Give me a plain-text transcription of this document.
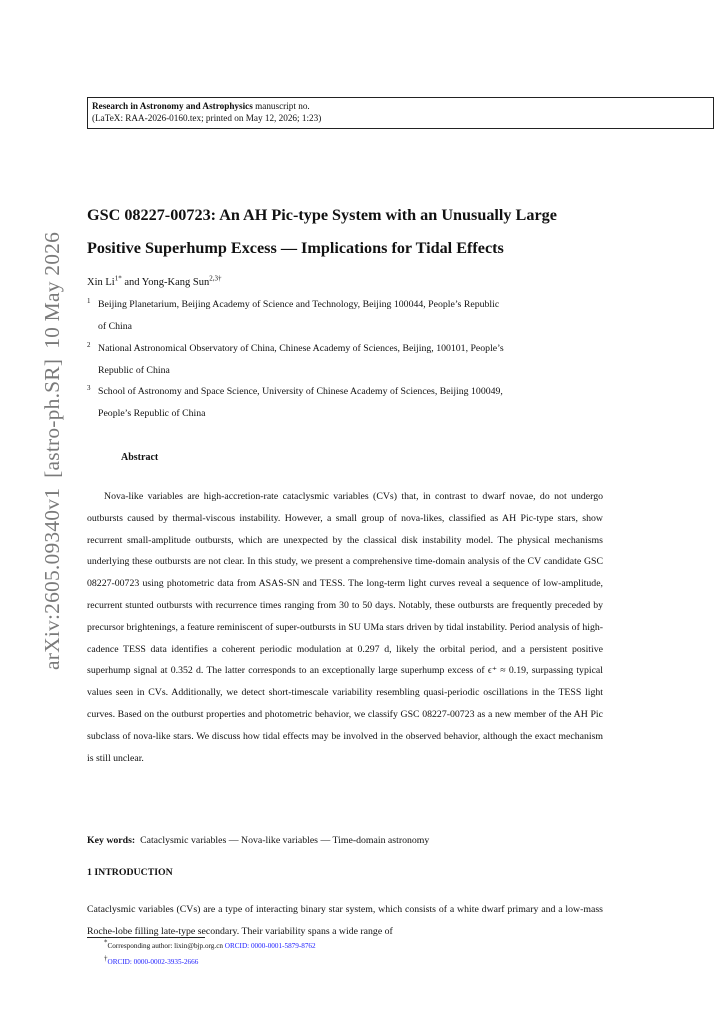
Research in Astronomy and Astrophysics manuscript no.
(LaTeX: RAA-2026-0160.tex; printed on May 12, 2026; 1:23)
arXiv:2605.09340v1[astro-ph.SR]10 May 2026
GSC 08227-00723: An AH Pic-type System with an Unusually Large
Positive Superhump Excess — Implications for Tidal Effects
Xin $Li^{1*}$ and Yong-Kang Sun$^{2,3\dagger}$
1 Beijing Planetarium, Beijing Academy of Science and Technology, Beijing 100044, People’s Republic
of China
2 National Astronomical Observatory of China, Chinese Academy of Sciences, Beijing, 100101, People’s
Republic of China
3 School of Astronomy and Space Science, University of Chinese Academy of Sciences, Beijing 100049,
People’s Republic of China
Abstract

Nova-like variables are high-accretion-rate cataclysmic variables (CVs) that, in contrast to dwarf novae, do not undergo outbursts caused by thermal-viscous instability. However, a small group of nova-likes, classified as AH Pic-type stars, show recurrent small-amplitude outbursts, which are unexpected by the classical disk instability model. The physical mechanisms underlying these outbursts are not clear. In this study, we present a comprehensive time-domain analysis of the CV candidate GSC 08227-00723 using photometric data from ASAS-SN and TESS. The long-term light curves reveal a sequence of low-amplitude, recurrent stunted outbursts with recurrence times ranging from 30 to 50 days. Notably, these outbursts are frequently preceded by precursor brightenings, a feature reminiscent of super-outbursts in SU UMa stars driven by tidal instability. Period analysis of high-cadence TESS data identifies a coherent periodic modulation at 0.297 d, likely the orbital period, and a persistent positive superhump signal at 0.352 d. The latter corresponds to an exceptionally large superhump excess of ϵ⁺ ≈ 0.19, surpassing typical values seen in CVs. Additionally, we detect short-timescale variability resembling quasi-periodic oscillations in the TESS light curves. Based on the outburst properties and photometric behavior, we classify GSC 08227-00723 as a new member of the AH Pic subclass of nova-like stars. We discuss how tidal effects may be involved in the observed behavior, although the exact mechanism is still unclear.

Key words: Cataclysmic variables — Nova-like variables — Time-domain astronomy
1 INTRODUCTION
Cataclysmic variables (CVs) are a type of interacting binary star system, which consists of a white dwarf primary and a low-mass Roche-lobe filling late-type secondary. Their variability spans a wide range of
*Corresponding author: lixin@bjp.org.cn ORCID: 0000-0001-5879-8762
†ORCID: 0000-0002-3935-2666
